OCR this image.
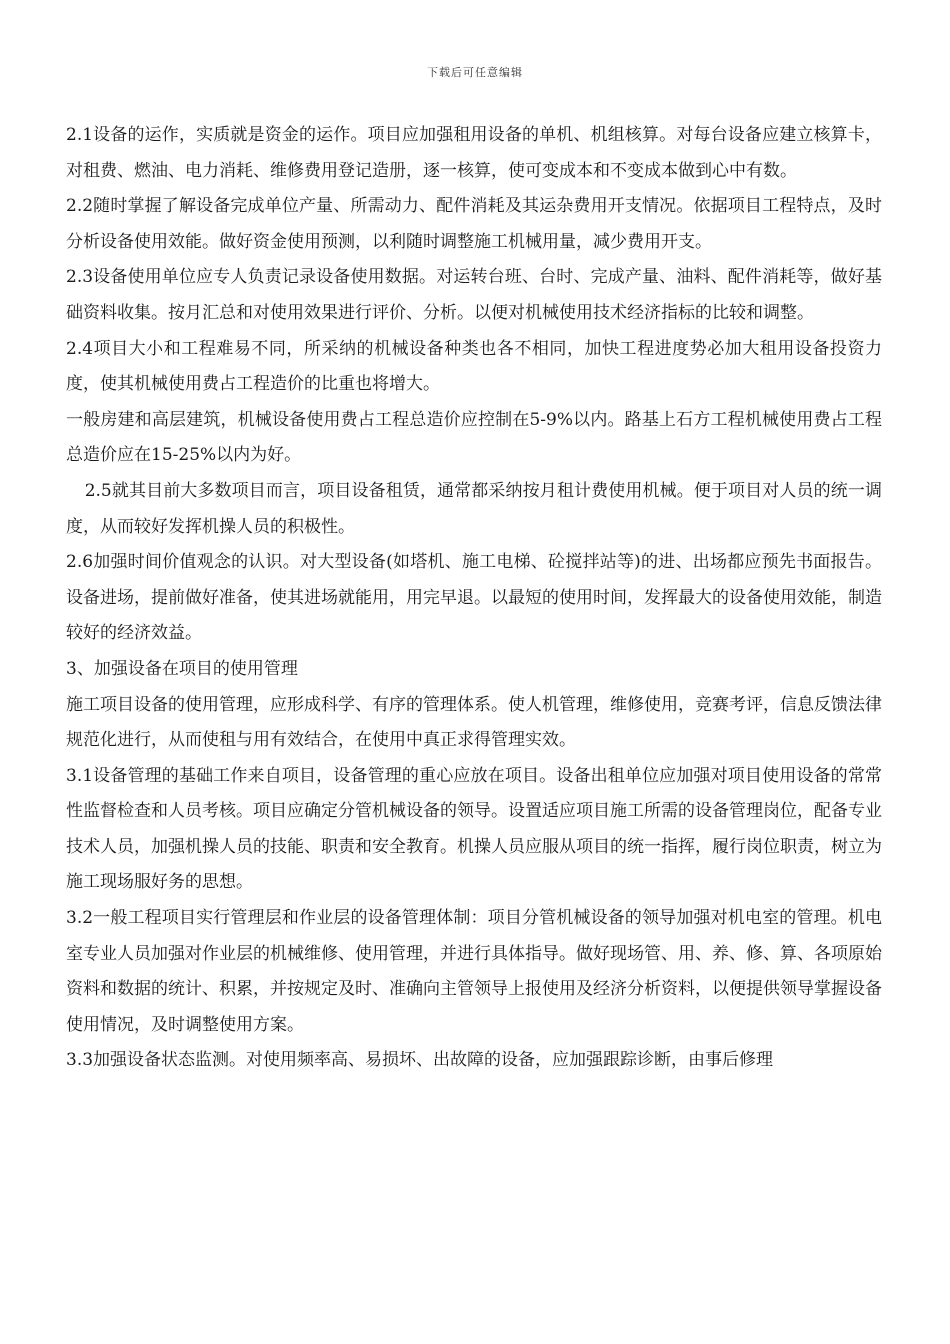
下载后可任意编辑

2.1设备的运作，实质就是资金的运作。项目应加强租用设备的单机、机组核算。对每台设备应建立核算卡，对租费、燃油、电力消耗、维修费用登记造册，逐一核算，使可变成本和不变成本做到心中有数。

2.2随时掌握了解设备完成单位产量、所需动力、配件消耗及其运杂费用开支情况。依据项目工程特点，及时分析设备使用效能。做好资金使用预测，以利随时调整施工机械用量，减少费用开支。

2.3设备使用单位应专人负责记录设备使用数据。对运转台班、台时、完成产量、油料、配件消耗等，做好基础资料收集。按月汇总和对使用效果进行评价、分析。以便对机械使用技术经济指标的比较和调整。

2.4项目大小和工程难易不同，所采纳的机械设备种类也各不相同，加快工程进度势必加大租用设备投资力度，使其机械使用费占工程造价的比重也将增大。

一般房建和高层建筑，机械设备使用费占工程总造价应控制在5-9%以内。路基上石方工程机械使用费占工程总造价应在15-25%以内为好。

2.5就其目前大多数项目而言，项目设备租赁，通常都采纳按月租计费使用机械。便于项目对人员的统一调度，从而较好发挥机操人员的积极性。

2.6加强时间价值观念的认识。对大型设备(如塔机、施工电梯、砼搅拌站等)的进、出场都应预先书面报告。设备进场，提前做好准备，使其进场就能用，用完早退。以最短的使用时间，发挥最大的设备使用效能，制造较好的经济效益。

3、加强设备在项目的使用管理

施工项目设备的使用管理，应形成科学、有序的管理体系。使人机管理，维修使用，竞赛考评，信息反馈法律规范化进行，从而使租与用有效结合，在使用中真正求得管理实效。

3.1设备管理的基础工作来自项目，设备管理的重心应放在项目。设备出租单位应加强对项目使用设备的常常性监督检查和人员考核。项目应确定分管机械设备的领导。设置适应项目施工所需的设备管理岗位，配备专业技术人员，加强机操人员的技能、职责和安全教育。机操人员应服从项目的统一指挥，履行岗位职责，树立为施工现场服好务的思想。

3.2一般工程项目实行管理层和作业层的设备管理体制：项目分管机械设备的领导加强对机电室的管理。机电室专业人员加强对作业层的机械维修、使用管理，并进行具体指导。做好现场管、用、养、修、算、各项原始资料和数据的统计、积累，并按规定及时、准确向主管领导上报使用及经济分析资料，以便提供领导掌握设备使用情况，及时调整使用方案。

3.3加强设备状态监测。对使用频率高、易损坏、出故障的设备，应加强跟踪诊断，由事后修理
